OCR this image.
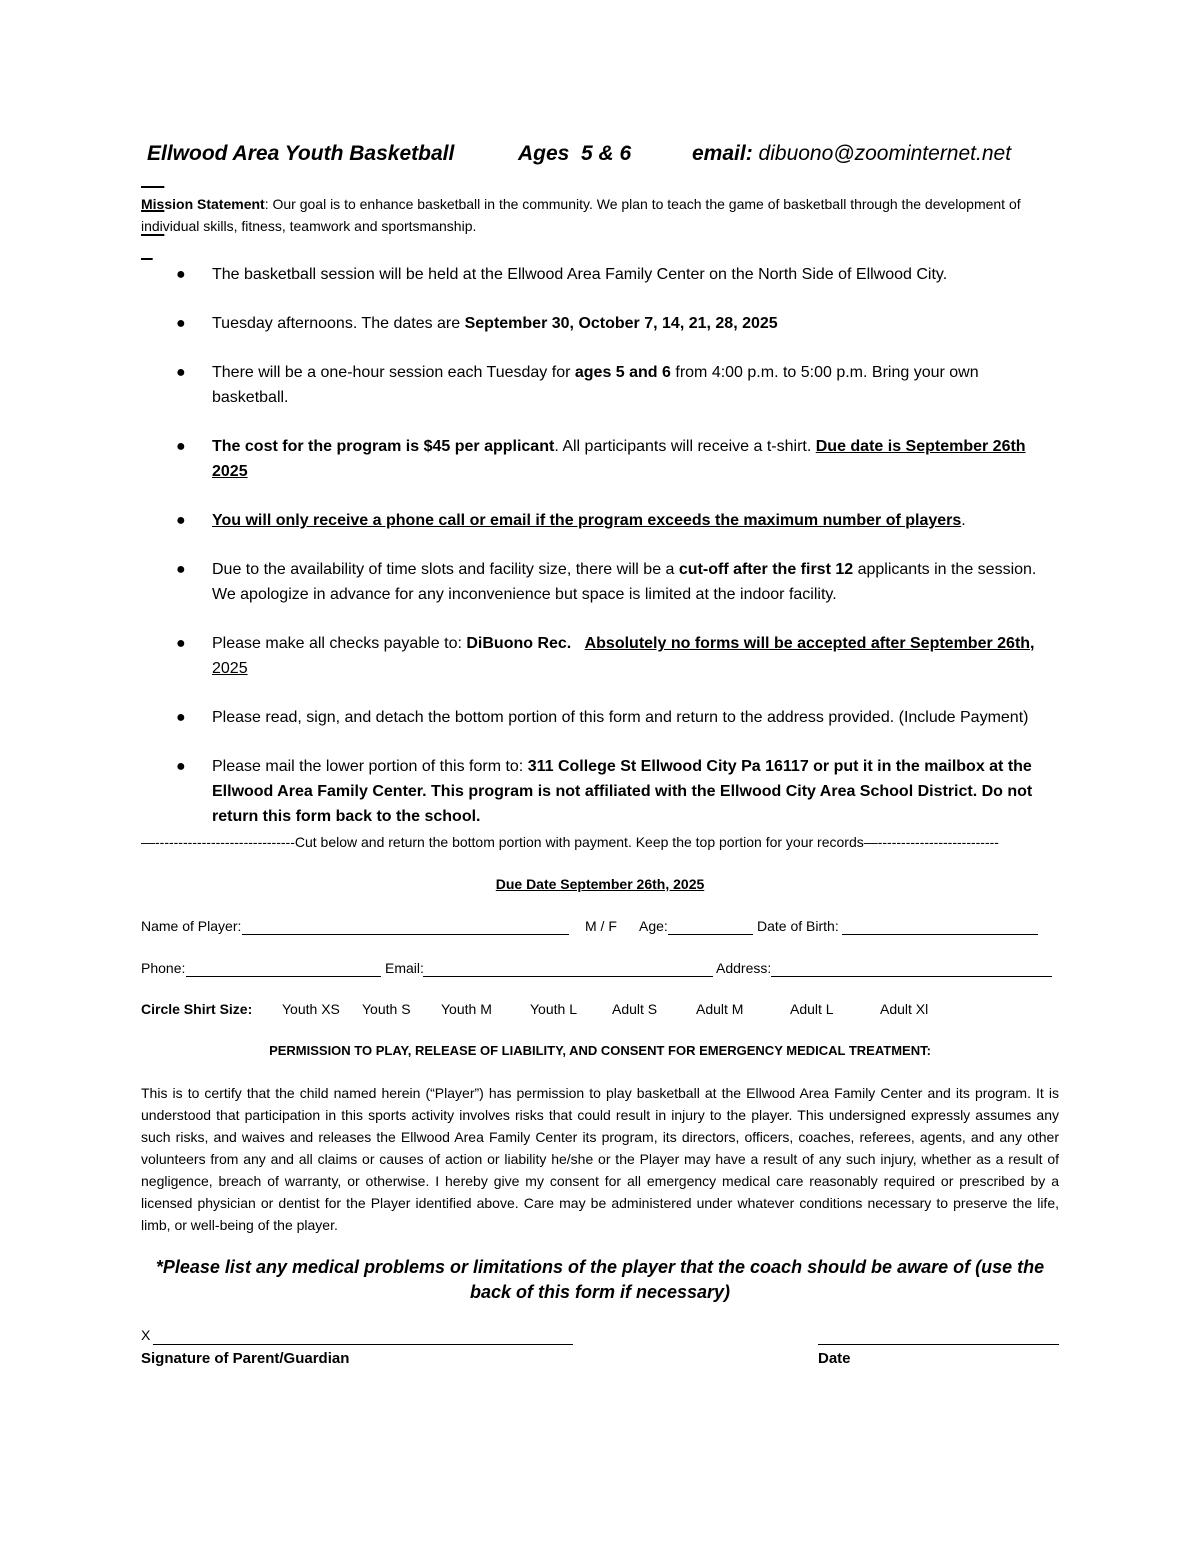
Ellwood Area Youth Basketball

	Ages  5 & 6

	email: dibuono@zoominternet.net

Mission Statement: Our goal is to enhance basketball in the community. We plan to teach the game of basketball through the development of individual skills, fitness, teamwork and sportsmanship.
● The basketball session will be held at the Ellwood Area Family Center on the North Side of Ellwood City.
● Tuesday afternoons. The dates are September 30, October 7, 14, 21, 28, 2025
● There will be a one-hour session each Tuesday for ages 5 and 6 from 4:00 p.m. to 5:00 p.m. Bring your own basketball.
● The cost for the program is $45 per applicant. All participants will receive a t-shirt. Due date is September 26th 2025
● You will only receive a phone call or email if the program exceeds the maximum number of players.
● Due to the availability of time slots and facility size, there will be a cut-off after the first 12 applicants in the session. We apologize in advance for any inconvenience but space is limited at the indoor facility.
● Please make all checks payable to: DiBuono Rec. Absolutely no forms will be accepted after September 26th, 2025
● Please read, sign, and detach the bottom portion of this form and return to the address provided. (Include Payment)
● Please mail the lower portion of this form to: 311 College St Ellwood City Pa 16117 or put it in the mailbox at the Ellwood Area Family Center. This program is not affiliated with the Ellwood City Area School District. Do not return this form back to the school.
—------------------------------Cut below and return the bottom portion with payment. Keep the top portion for your records—--------------------------
Due Date September 26th, 2025
Name of Player:	M / F Age:	Date of Birth:
Phone:	Email:	Address:
Circle Shirt Size: Youth XS Youth S Youth M	Youth L	Adult S	Adult M	Adult L	Adult Xl
PERMISSION TO PLAY, RELEASE OF LIABILITY, AND CONSENT FOR EMERGENCY MEDICAL TREATMENT:
This is to certify that the child named herein (“Player”) has permission to play basketball at the Ellwood Area Family Center and its program. It is understood that participation in this sports activity involves risks that could result in injury to the player. This undersigned expressly assumes any such risks, and waives and releases the Ellwood Area Family Center its program, its directors, officers, coaches, referees, agents, and any other volunteers from any and all claims or causes of action or liability he/she or the Player may have a result of any such injury, whether as a result of negligence, breach of warranty, or otherwise. I hereby give my consent for all emergency medical care reasonably required or prescribed by a licensed physician or dentist for the Player identified above. Care may be administered under whatever conditions necessary to preserve the life, limb, or well-being of the player.
*Please list any medical problems or limitations of the player that the coach should be aware of (use the back of this form if necessary)
X
Signature of Parent/Guardian	Date
